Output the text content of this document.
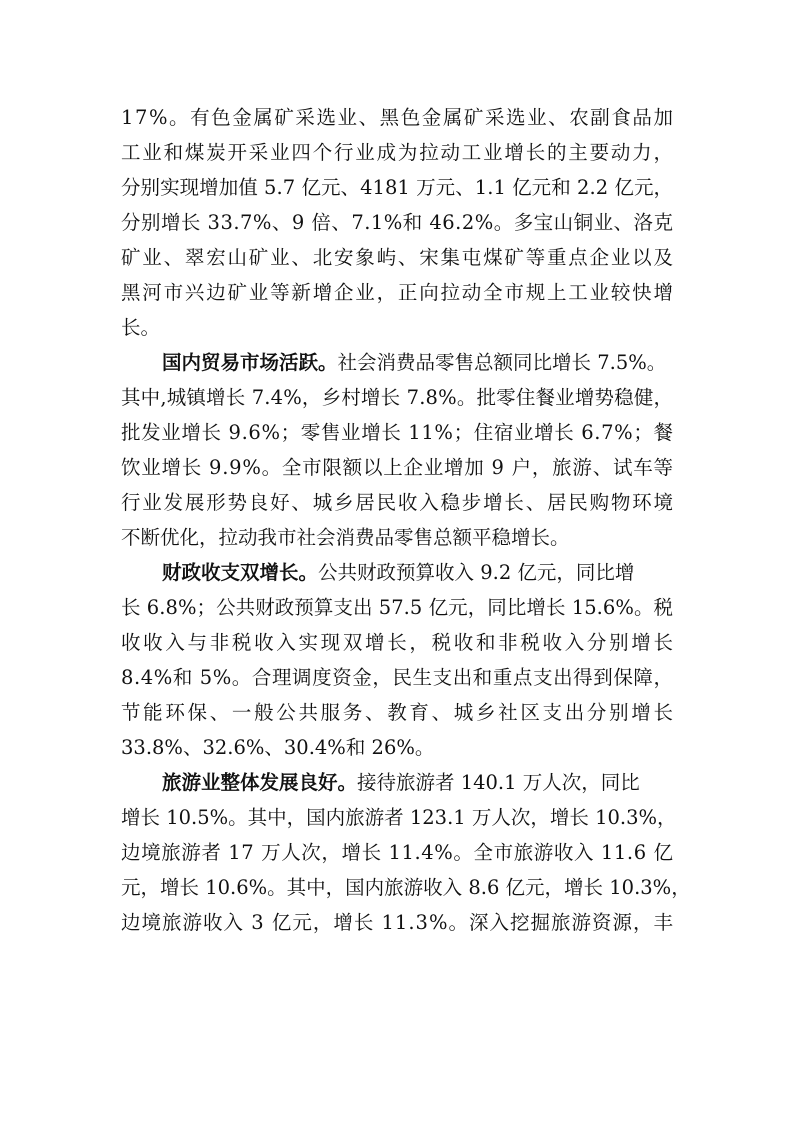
17%。有色金属矿采选业、黑色金属矿采选业、农副食品加
工业和煤炭开采业四个行业成为拉动工业增长的主要动力，
分别实现增加值 5.7 亿元、4181 万元、1.1 亿元和 2.2 亿元，
分别增长 33.7%、9 倍、7.1%和 46.2%。多宝山铜业、洛克
矿业、翠宏山矿业、北安象屿、宋集屯煤矿等重点企业以及
黑河市兴边矿业等新增企业，正向拉动全市规上工业较快增
长。
国内贸易市场活跃。 社会消费品零售总额同比增长 7.5%。
其中,城镇增长 7.4%，乡村增长 7.8%。批零住餐业增势稳健，
批发业增长 9.6%；零售业增长 11%；住宿业增长 6.7%；餐
饮业增长 9.9%。全市限额以上企业增加 9 户，旅游、试车等
行业发展形势良好、城乡居民收入稳步增长、居民购物环境
不断优化，拉动我市社会消费品零售总额平稳增长。
财政收支双增长。 公共财政预算收入 9.2 亿元，同比增
长 6.8%；公共财政预算支出 57.5 亿元，同比增长 15.6%。税
收收入与非税收入实现双增长，税收和非税收入分别增长
8.4%和 5%。合理调度资金，民生支出和重点支出得到保障，
节能环保、一般公共服务、教育、城乡社区支出分别增长
33.8%、32.6%、30.4%和 26%。
旅游业整体发展良好。 接待旅游者 140.1 万人次，同比
增长 10.5%。其中，国内旅游者 123.1 万人次，增长 10.3%，
边境旅游者 17 万人次，增长 11.4%。全市旅游收入 11.6 亿
元，增长 10.6%。其中，国内旅游收入 8.6 亿元，增长 10.3%，
边境旅游收入 3 亿元，增长 11.3%。深入挖掘旅游资源，丰
